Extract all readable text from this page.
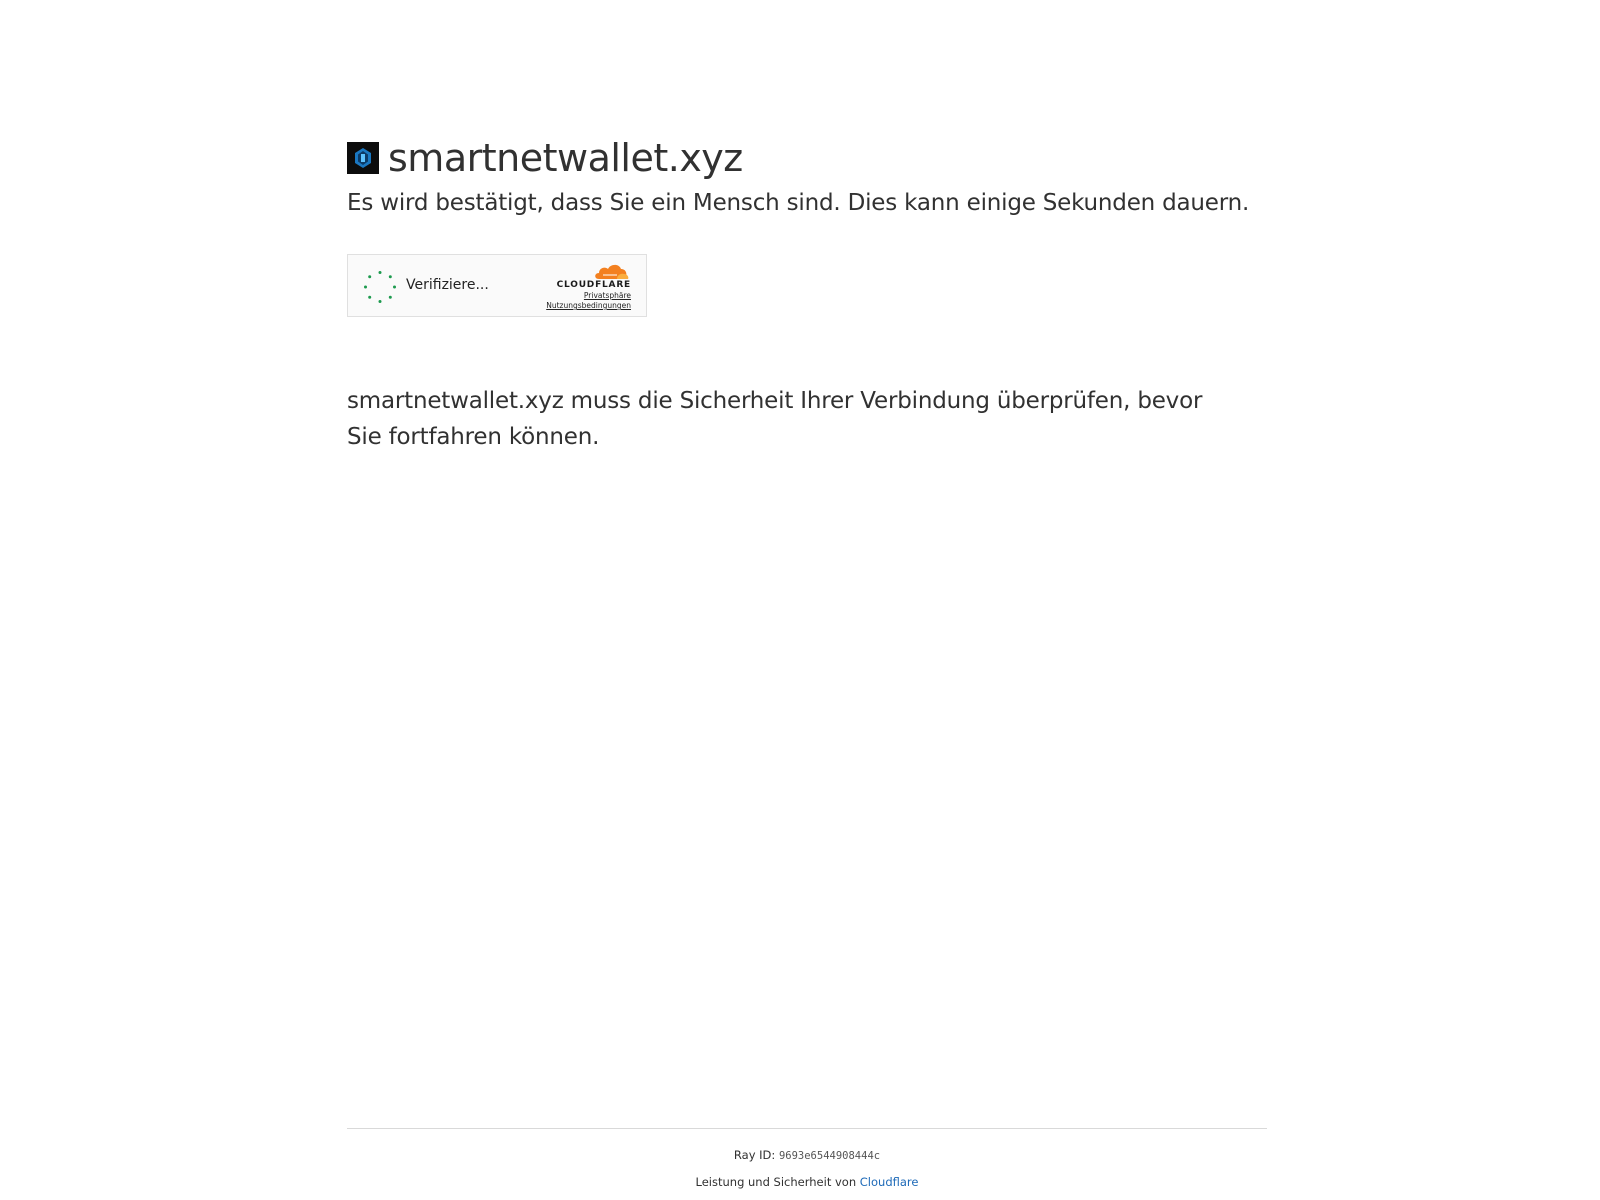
smartnetwallet.xyz
Es wird bestätigt, dass Sie ein Mensch sind. Dies kann einige Sekunden dauern.
Verifiziere...	CLOUDFLARE
Privatsphäre
Nutzungsbedingungen
smartnetwallet.xyz muss die Sicherheit Ihrer Verbindung überprüfen, bevor Sie fortfahren können.
Ray ID: 9693e6544908444c
Leistung und Sicherheit von Cloudflare
